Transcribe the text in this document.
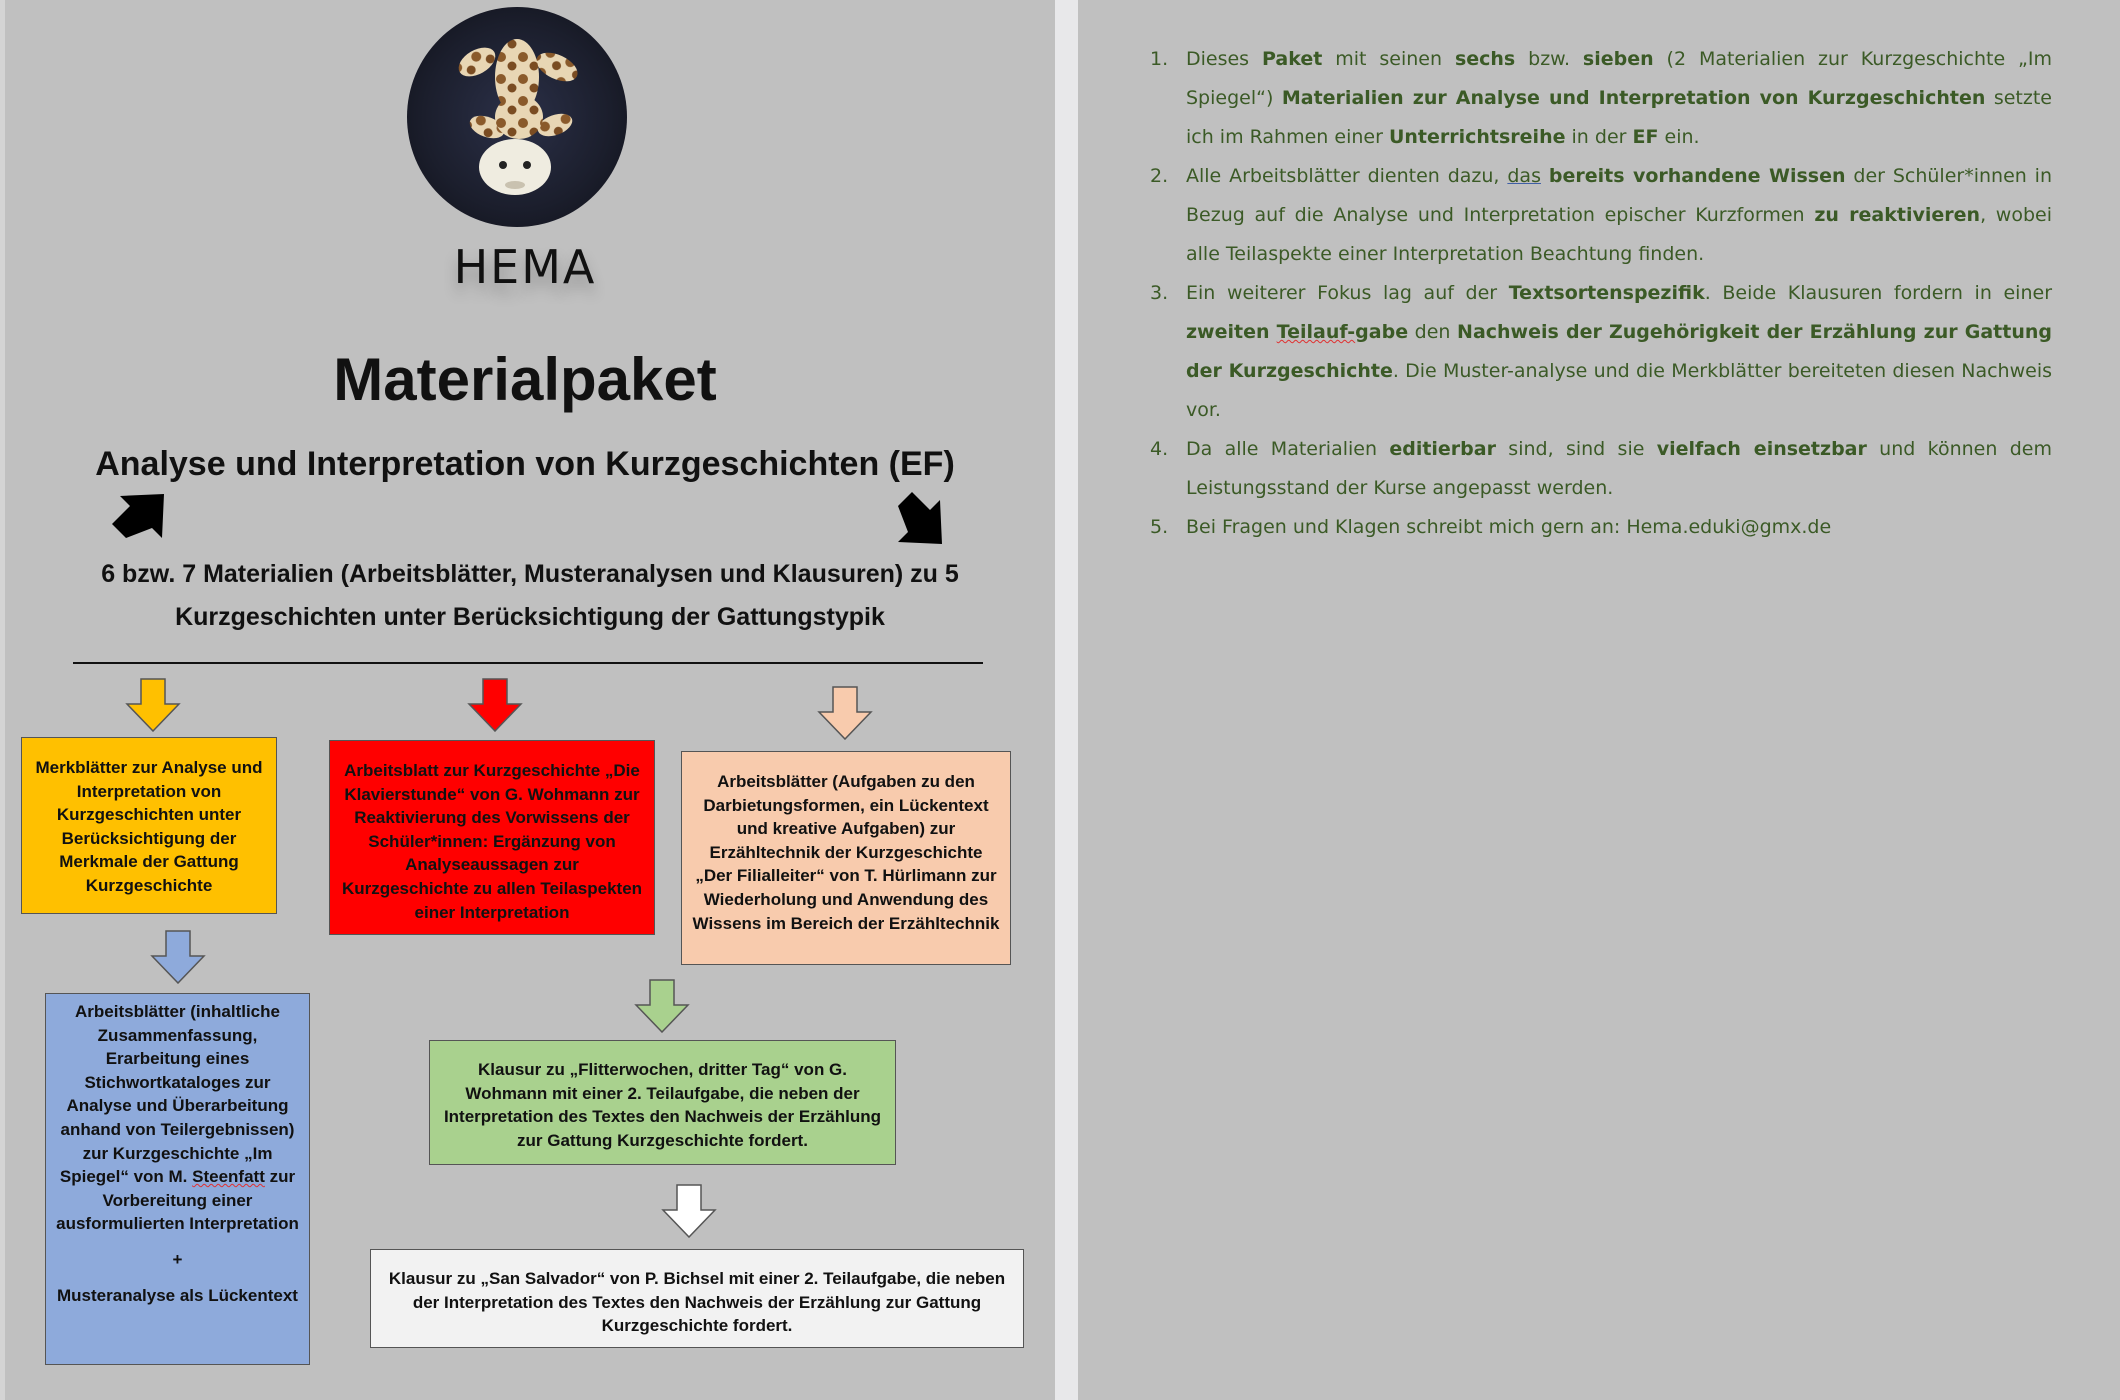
HEMA
Materialpaket
Analyse und Interpretation von Kurzgeschichten (EF)
6 bzw. 7 Materialien (Arbeitsblätter, Musteranalysen und Klausuren) zu 5
Kurzgeschichten unter Berücksichtigung der Gattungstypik
Merkblätter zur Analyse und Interpretation von Kurzgeschichten unter Berücksichtigung der Merkmale der Gattung Kurzgeschichte
Arbeitsblatt zur Kurzgeschichte „Die Klavierstunde“ von G. Wohmann zur Reaktivierung des Vorwissens der Schüler*innen: Ergänzung von Analyseaussagen zur Kurzgeschichte zu allen Teilaspekten einer Interpretation
Arbeitsblätter (Aufgaben zu den Darbietungsformen, ein Lückentext und kreative Aufgaben) zur Erzähltechnik der Kurzgeschichte „Der Filialleiter“ von T. Hürlimann zur Wiederholung und Anwendung des Wissens im Bereich der Erzähltechnik
Arbeitsblätter (inhaltliche Zusammenfassung, Erarbeitung eines Stichwortkataloges zur Analyse und Überarbeitung anhand von Teilergebnissen) zur Kurzgeschichte „Im Spiegel“ von M. Steenfatt zur Vorbereitung einer ausformulierten Interpretation
+
Musteranalyse als Lückentext
Klausur zu „Flitterwochen, dritter Tag“ von G. Wohmann mit einer 2. Teilaufgabe, die neben der Interpretation des Textes den Nachweis der Erzählung zur Gattung Kurzgeschichte fordert.
Klausur zu „San Salvador“ von P. Bichsel mit einer 2. Teilaufgabe, die neben der Interpretation des Textes den Nachweis der Erzählung zur Gattung Kurzgeschichte fordert.
1. Dieses Paket mit seinen sechs bzw. sieben (2 Materialien zur Kurzgeschichte „Im Spiegel“) Materialien zur Analyse und Interpretation von Kurzgeschichten setzte ich im Rahmen einer Unterrichtsreihe in der EF ein.
2. Alle Arbeitsblätter dienten dazu, das bereits vorhandene Wissen der Schüler*innen in Bezug auf die Analyse und Interpretation epischer Kurzformen zu reaktivieren, wobei alle Teilaspekte einer Interpretation Beachtung finden.
3. Ein weiterer Fokus lag auf der Textsortenspezifik. Beide Klausuren fordern in einer zweiten Teilauf-gabe den Nachweis der Zugehörigkeit der Erzählung zur Gattung der Kurzgeschichte. Die Muster-analyse und die Merkblätter bereiteten diesen Nachweis vor.
4. Da alle Materialien editierbar sind, sind sie vielfach einsetzbar und können dem Leistungsstand der Kurse angepasst werden.
5. Bei Fragen und Klagen schreibt mich gern an: Hema.eduki@gmx.de
